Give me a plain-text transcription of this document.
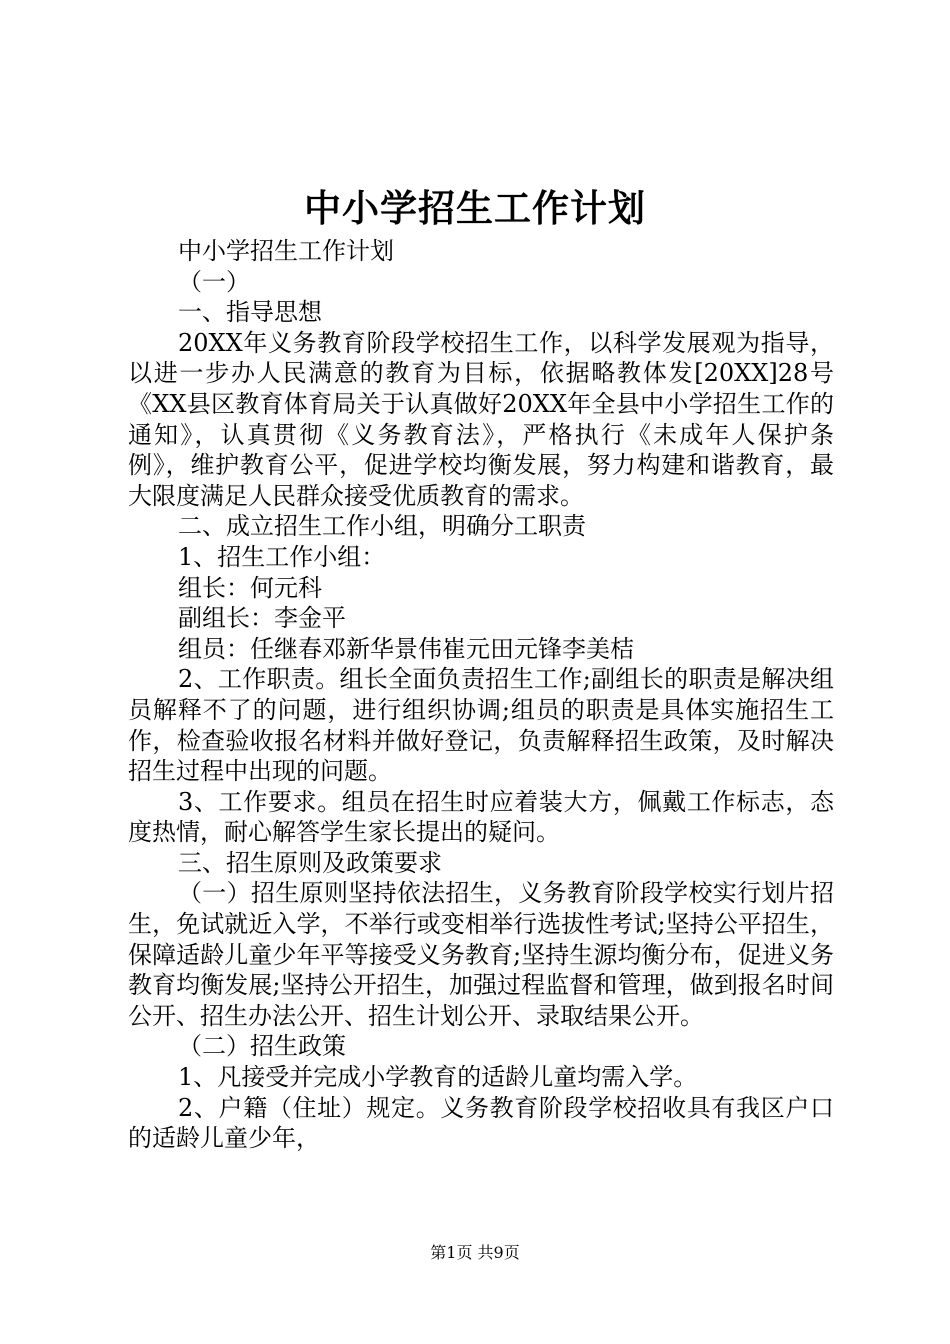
中小学招生工作计划

中小学招生工作计划

（一）

一、指导思想

20XX年义务教育阶段学校招生工作，以科学发展观为指导，以进一步办人民满意的教育为目标，依据略教体发[20XX]28号《XX县区教育体育局关于认真做好20XX年全县中小学招生工作的通知》，认真贯彻《义务教育法》，严格执行《未成年人保护条例》，维护教育公平，促进学校均衡发展，努力构建和谐教育，最大限度满足人民群众接受优质教育的需求。

二、成立招生工作小组，明确分工职责

1、招生工作小组：

组长：何元科

副组长：李金平

组员：任继春邓新华景伟崔元田元锋李美桔

2、工作职责。组长全面负责招生工作;副组长的职责是解决组员解释不了的问题，进行组织协调;组员的职责是具体实施招生工作，检查验收报名材料并做好登记，负责解释招生政策，及时解决招生过程中出现的问题。

3、工作要求。组员在招生时应着装大方，佩戴工作标志，态度热情，耐心解答学生家长提出的疑问。

三、招生原则及政策要求

（一）招生原则坚持依法招生，义务教育阶段学校实行划片招生，免试就近入学，不举行或变相举行选拔性考试;坚持公平招生，保障适龄儿童少年平等接受义务教育;坚持生源均衡分布，促进义务教育均衡发展;坚持公开招生，加强过程监督和管理，做到报名时间公开、招生办法公开、招生计划公开、录取结果公开。

（二）招生政策

1、凡接受并完成小学教育的适龄儿童均需入学。

2、户籍（住址）规定。义务教育阶段学校招收具有我区户口的适龄儿童少年，

第1页 共9页
